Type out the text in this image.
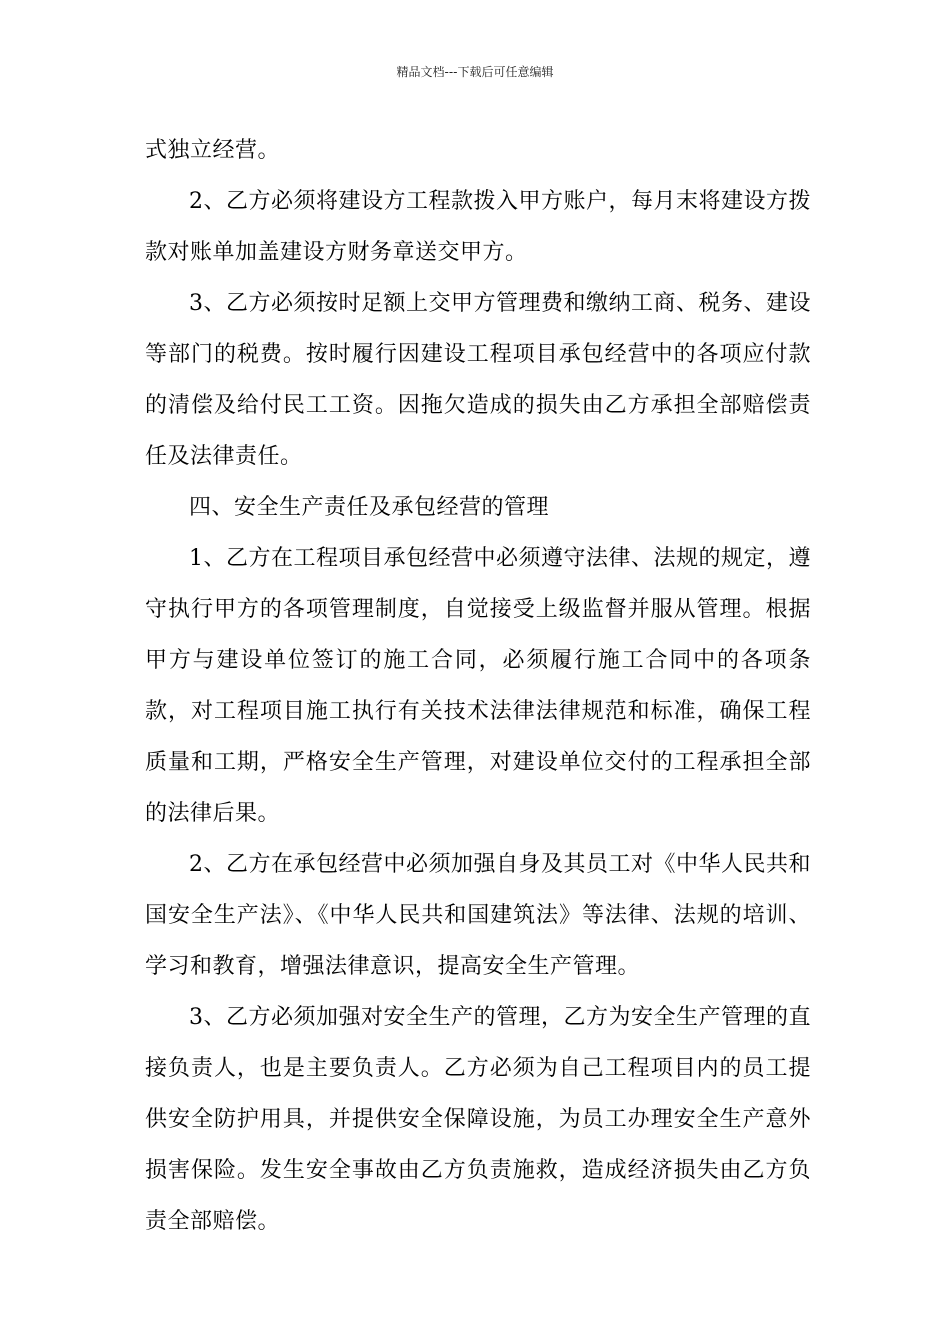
精品文档---下载后可任意编辑

式独立经营。

2、乙方必须将建设方工程款拨入甲方账户，每月末将建设方拨款对账单加盖建设方财务章送交甲方。

3、乙方必须按时足额上交甲方管理费和缴纳工商、税务、建设等部门的税费。按时履行因建设工程项目承包经营中的各项应付款的清偿及给付民工工资。因拖欠造成的损失由乙方承担全部赔偿责任及法律责任。

四、安全生产责任及承包经营的管理

1、乙方在工程项目承包经营中必须遵守法律、法规的规定，遵守执行甲方的各项管理制度，自觉接受上级监督并服从管理。根据甲方与建设单位签订的施工合同，必须履行施工合同中的各项条款，对工程项目施工执行有关技术法律法律规范和标准，确保工程质量和工期，严格安全生产管理，对建设单位交付的工程承担全部的法律后果。

2、乙方在承包经营中必须加强自身及其员工对《中华人民共和国安全生产法》、《中华人民共和国建筑法》等法律、法规的培训、学习和教育，增强法律意识，提高安全生产管理。

3、乙方必须加强对安全生产的管理，乙方为安全生产管理的直接负责人，也是主要负责人。乙方必须为自己工程项目内的员工提供安全防护用具，并提供安全保障设施，为员工办理安全生产意外损害保险。发生安全事故由乙方负责施救，造成经济损失由乙方负责全部赔偿。
